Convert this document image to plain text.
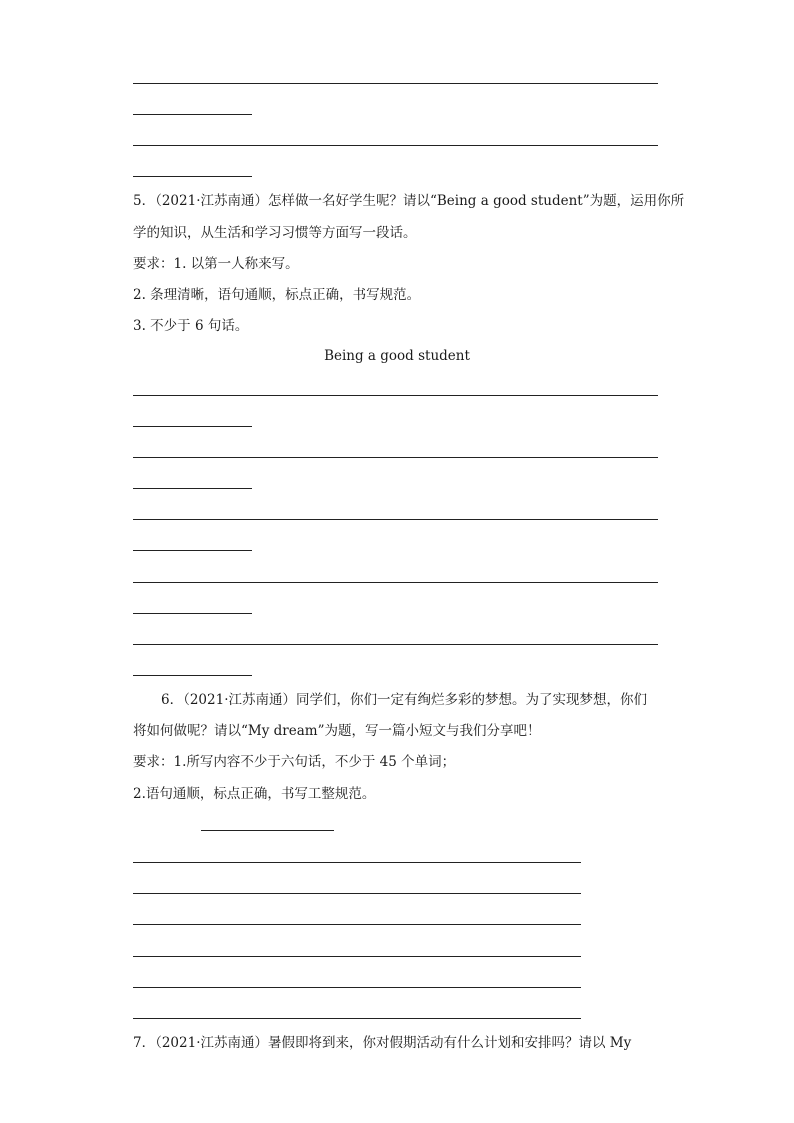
5．（2021·江苏南通）怎样做一名好学生呢？请以“Being a good student”为题，运用你所
学的知识，从生活和学习习惯等方面写一段话。
要求：1. 以第一人称来写。
2. 条理清晰，语句通顺，标点正确，书写规范。
3. 不少于 6 句话。
Being a good student
6．（2021·江苏南通）同学们，你们一定有绚烂多彩的梦想。为了实现梦想，你们
将如何做呢？请以“My dream”为题，写一篇小短文与我们分享吧！
要求：1.所写内容不少于六句话，不少于 45 个单词；
2.语句通顺，标点正确，书写工整规范。
7．（2021·江苏南通）暑假即将到来，你对假期活动有什么计划和安排吗？请以 My
